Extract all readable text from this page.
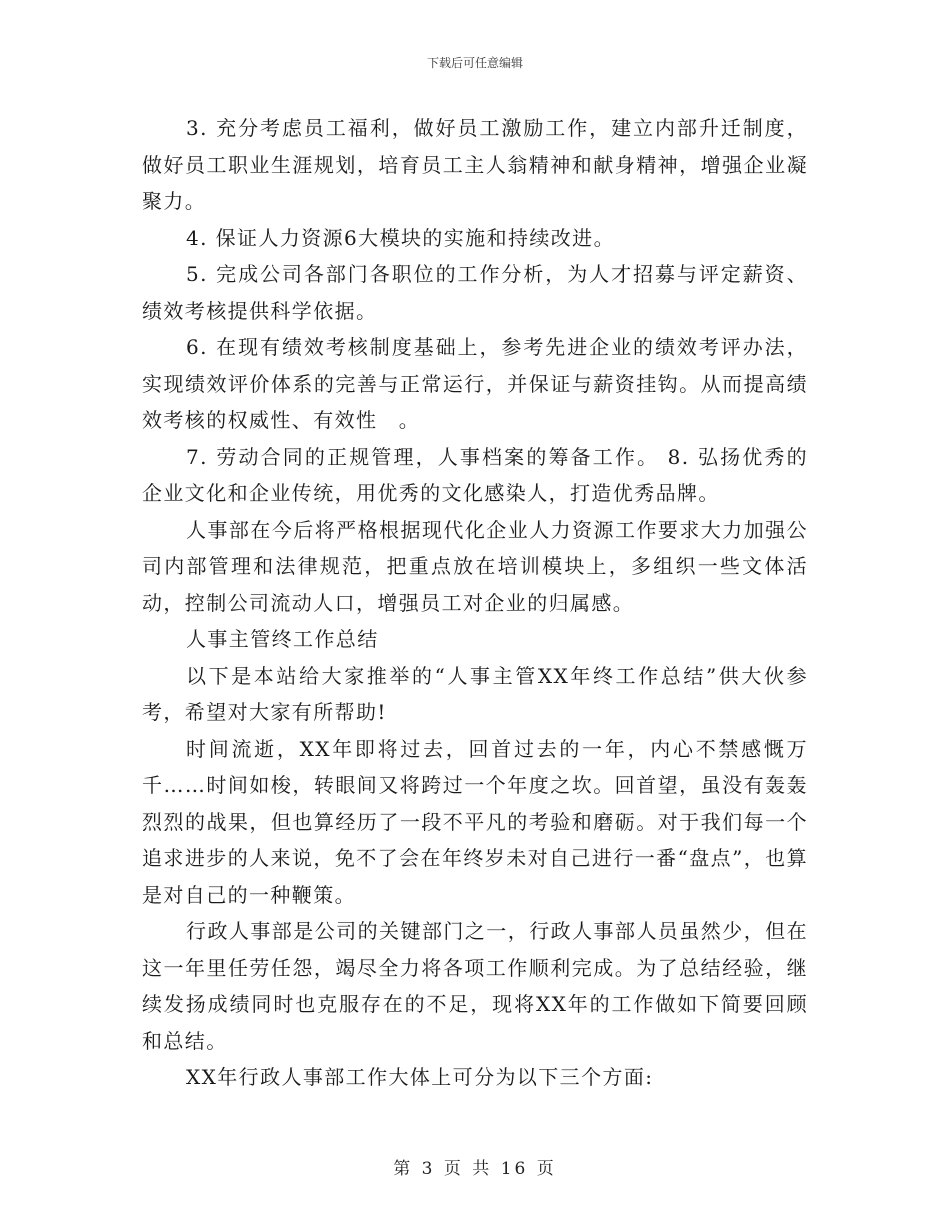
下载后可任意编辑

3. 充分考虑员工福利，做好员工激励工作，建立内部升迁制度，做好员工职业生涯规划，培育员工主人翁精神和献身精神，增强企业凝聚力。

4. 保证人力资源6大模块的实施和持续改进。

5. 完成公司各部门各职位的工作分析，为人才招募与评定薪资、绩效考核提供科学依据。

6. 在现有绩效考核制度基础上，参考先进企业的绩效考评办法，实现绩效评价体系的完善与正常运行，并保证与薪资挂钩。从而提高绩效考核的权威性、有效性　。

7. 劳动合同的正规管理，人事档案的筹备工作。 8. 弘扬优秀的企业文化和企业传统，用优秀的文化感染人，打造优秀品牌。

人事部在今后将严格根据现代化企业人力资源工作要求大力加强公司内部管理和法律规范，把重点放在培训模块上，多组织一些文体活动，控制公司流动人口，增强员工对企业的归属感。

人事主管终工作总结

以下是本站给大家推举的“人事主管XX年终工作总结”供大伙参考，希望对大家有所帮助!

时间流逝，XX年即将过去，回首过去的一年，内心不禁感慨万千……时间如梭，转眼间又将跨过一个年度之坎。回首望，虽没有轰轰烈烈的战果，但也算经历了一段不平凡的考验和磨砺。对于我们每一个追求进步的人来说，免不了会在年终岁未对自己进行一番“盘点”，也算是对自己的一种鞭策。

行政人事部是公司的关键部门之一，行政人事部人员虽然少，但在这一年里任劳任怨，竭尽全力将各项工作顺利完成。为了总结经验，继续发扬成绩同时也克服存在的不足，现将XX年的工作做如下简要回顾和总结。

XX年行政人事部工作大体上可分为以下三个方面:

第 3 页 共 16 页
